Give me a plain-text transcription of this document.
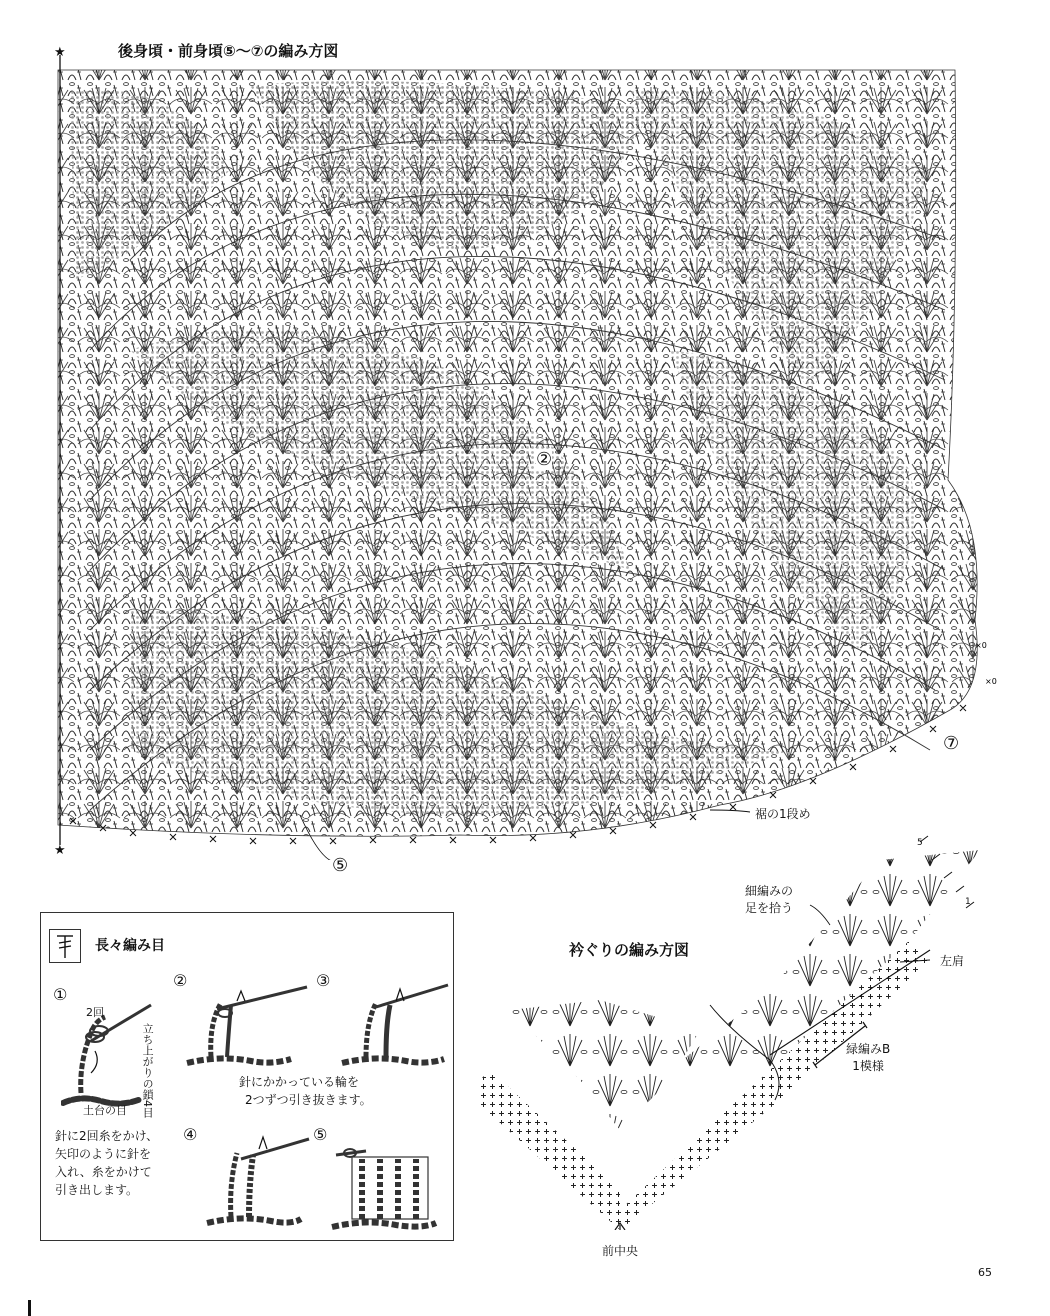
後身頃・前身頃⑤〜⑦の編み方図
×0
×0
★
★
②
⑤
⑦
裾の1段め
長々編み目
①
②	③
④	⑤
2回
立ち上がりの鎖4目
土台の目
針に2回糸をかけ、
矢印のように針を
入れ、糸をかけて
引き出します。
針にかかっている輪を
2つずつ引き抜きます。
衿ぐりの編み方図
5
1
細編みの
足を拾う
左肩
緑編みB
1模様
前中央
65
